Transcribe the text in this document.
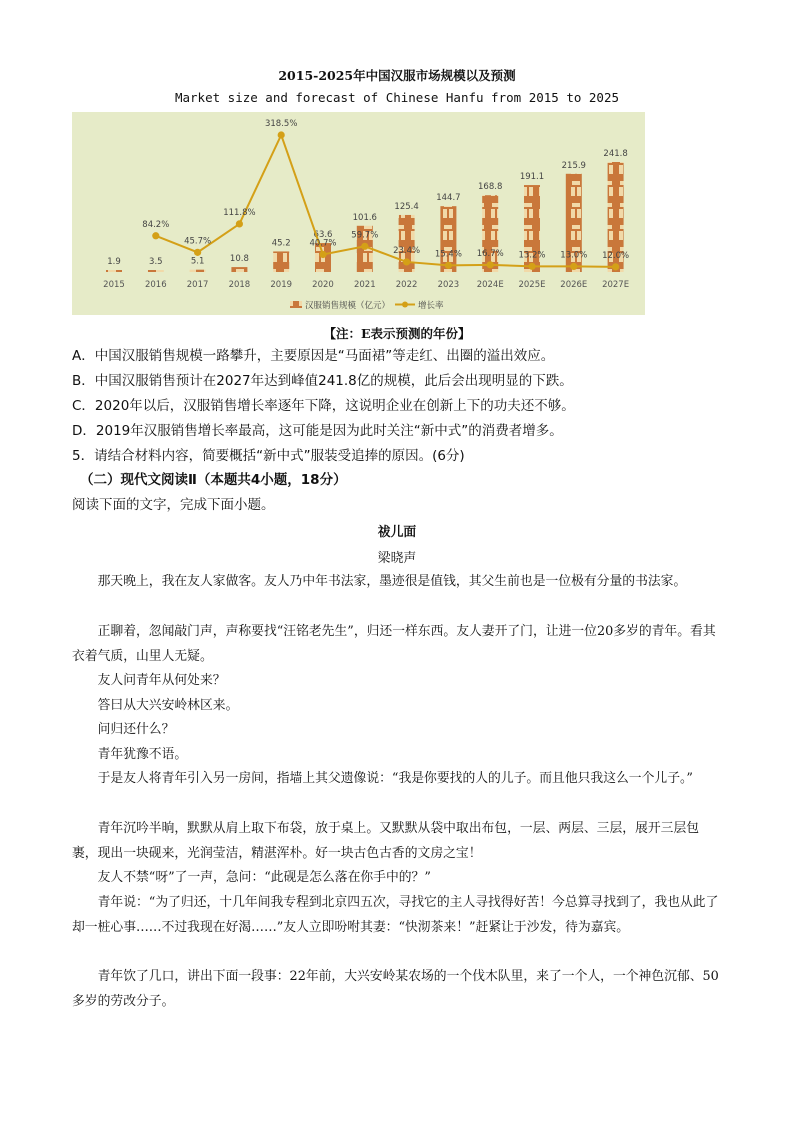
2015-2025年中国汉服市场规模以及预测
Market size and forecast of Chinese Hanfu from 2015 to 2025
1.9
2015
3.5
2016
5.1
2017
10.8
2018
45.2
2019
63.6
2020
101.6
2021
125.4
2022
144.7
2023
168.8
2024E
191.1
2025E
215.9
2026E
241.8
2027E
84.2%
45.7%
111.8%
318.5%
40.7%
59.7%
23.4% 15.4% 16.7% 13.2% 13.0% 12.0%
汉服销售规模（亿元）	增长率
【注：E表示预测的年份】
A．中国汉服销售规模一路攀升，主要原因是“马面裙”等走红、出圈的溢出效应。
B．中国汉服销售预计在2027年达到峰值241.8亿的规模，此后会出现明显的下跌。
C．2020年以后，汉服销售增长率逐年下降，这说明企业在创新上下的功夫还不够。
D．2019年汉服销售增长率最高，这可能是因为此时关注“新中式”的消费者增多。
5．请结合材料内容，简要概括“新中式”服装受追捧的原因。(6分)
（二）现代文阅读Ⅱ（本题共4小题，18分）
阅读下面的文字，完成下面小题。
祓儿面
梁晓声
那天晚上，我在友人家做客。友人乃中年书法家，墨迹很是值钱，其父生前也是一位极有分量的书法家。
正聊着，忽闻敲门声，声称要找“汪铭老先生”，归还一样东西。友人妻开了门，让进一位20多岁的青年。看其衣着气质，山里人无疑。
友人问青年从何处来？
答曰从大兴安岭林区来。
问归还什么？
青年犹豫不语。
于是友人将青年引入另一房间，指墙上其父遗像说：“我是你要找的人的儿子。而且他只我这么一个儿子。”
青年沉吟半晌，默默从肩上取下布袋，放于桌上。又默默从袋中取出布包，一层、两层、三层，展开三层包裹，现出一块砚来，光润莹洁，精湛浑朴。好一块古色古香的文房之宝！
友人不禁“呀”了一声，急问：“此砚是怎么落在你手中的？”
青年说：“为了归还，十几年间我专程到北京四五次，寻找它的主人寻找得好苦！今总算寻找到了，我也从此了却一桩心事……不过我现在好渴……”友人立即吩咐其妻：“快沏茶来！”赶紧让于沙发，待为嘉宾。
青年饮了几口，讲出下面一段事：22年前，大兴安岭某农场的一个伐木队里，来了一个人，一个神色沉郁、50多岁的劳改分子。
